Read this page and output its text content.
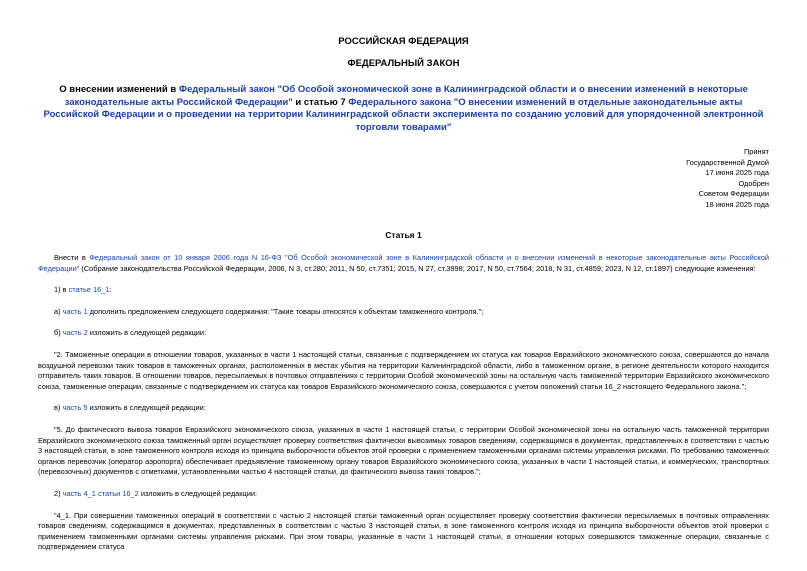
РОССИЙСКАЯ ФЕДЕРАЦИЯ
ФЕДЕРАЛЬНЫЙ ЗАКОН
О внесении изменений в Федеральный закон "Об Особой экономической зоне в Калининградской области и о внесении изменений в некоторые законодательные акты Российской Федерации" и статью 7 Федерального закона "О внесении изменений в отдельные законодательные акты Российской Федерации и о проведении на территории Калининградской области эксперимента по созданию условий для упорядоченной электронной торговли товарами"
Принят
Государственной Думой
17 июня 2025 года
Одобрен
Советом Федерации
18 июня 2025 года
Статья 1

Внести в Федеральный закон от 10 января 2006 года N 16-ФЗ "Об Особой экономической зоне в Калининградской области и о внесении изменений в некоторые законодательные акты Российской Федерации" (Собрание законодательства Российской Федерации, 2006, N 3, ст.280; 2011, N 50, ст.7351; 2015, N 27, ст.3998; 2017, N 50, ст.7564; 2018, N 31, ст.4859; 2023, N 12, ст.1897) следующие изменения:

1) в статье 16_1:

а) часть 1 дополнить предложением следующего содержания: "Такие товары относятся к объектам таможенного контроля.";

б) часть 2 изложить в следующей редакции:

"2. Таможенные операции в отношении товаров, указанных в части 1 настоящей статьи, связанные с подтверждением их статуса как товаров Евразийского экономического союза, совершаются до начала воздушной перевозки таких товаров в таможенных органах, расположенных в местах убытия на территории Калининградской области, либо в таможенном органе, в регионе деятельности которого находится отправитель таких товаров. В отношении товаров, пересылаемых в почтовых отправлениях с территории Особой экономической зоны на остальную часть таможенной территории Евразийского экономического союза, таможенные операции, связанные с подтверждением их статуса как товаров Евразийского экономического союза, совершаются с учетом положений статьи 16_2 настоящего Федерального закона.";

в) часть 5 изложить в следующей редакции:

"5. До фактического вывоза товаров Евразийского экономического союза, указанных в части 1 настоящей статьи, с территории Особой экономической зоны на остальную часть таможенной территории Евразийского экономического союза таможенный орган осуществляет проверку соответствия фактически вывозимых товаров сведениям, содержащимся в документах, представленных в соответствии с частью 3 настоящей статьи, в зоне таможенного контроля исходя из принципа выборочности объектов этой проверки с применением таможенными органами системы управления рисками. По требованию таможенных органов перевозчик (оператор аэропорта) обеспечивает предъявление таможенному органу товаров Евразийского экономического союза, указанных в части 1 настоящей статьи, и коммерческих, транспортных (перевозочных) документов с отметками, установленными частью 4 настоящей статьи, до фактического вывоза таких товаров.";

2) часть 4_1 статьи 16_2 изложить в следующей редакции:

"4_1. При совершении таможенных операций в соответствии с частью 2 настоящей статьи таможенный орган осуществляет проверку соответствия фактически пересылаемых в почтовых отправлениях товаров сведениям, содержащимся в документах, представленных в соответствии с частью 3 настоящей статьи, в зоне таможенного контроля исходя из принципа выборочности объектов этой проверки с применением таможенными органами системы управления рисками. При этом товары, указанные в части 1 настоящей статьи, в отношении которых совершаются таможенные операции, связанные с подтверждением статуса
